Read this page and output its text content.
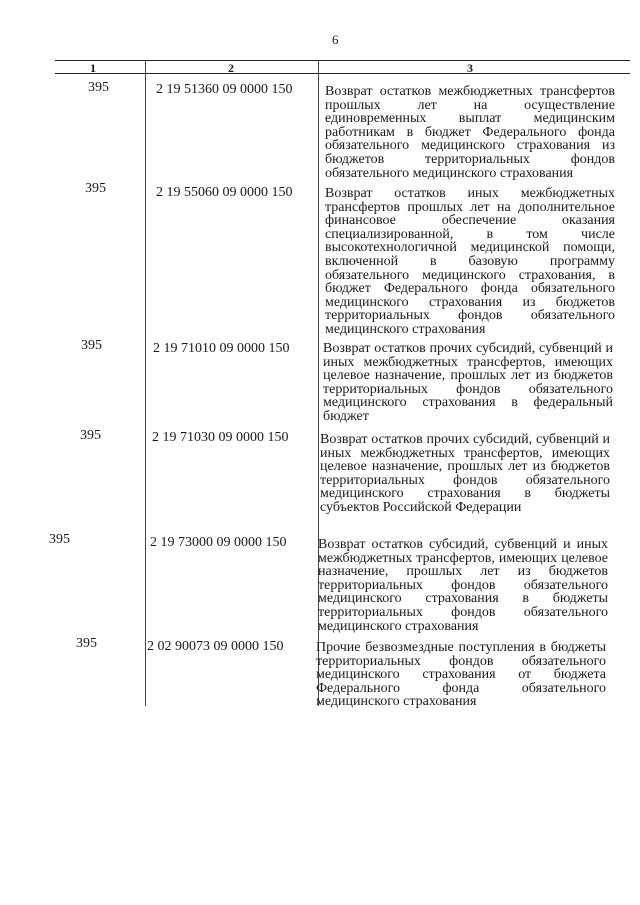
6
1	2	3
395	2 19 51360 09 0000 150 Возврат остатков межбюджетных трансфертов прошлых лет на осуществление единовременных выплат медицинским работникам в бюджет Федерального фонда обязательного медицинского страхования из бюджетов территориальных фондов обязательного медицинского страхования
395	2 19 55060 09 0000 150 Возврат остатков иных межбюджетных трансфертов прошлых лет на дополнительное финансовое обеспечение оказания специализированной, в том числе высокотехнологичной медицинской помощи, включенной в базовую программу обязательного медицинского страхования, в бюджет Федерального фонда обязательного медицинского страхования из бюджетов территориальных фондов обязательного медицинского страхования
395	2 19 71010 09 0000 150 Возврат остатков прочих субсидий, субвенций и иных межбюджетных трансфертов, имеющих целевое назначение, прошлых лет из бюджетов территориальных фондов обязательного медицинского страхования в федеральный бюджет
395	2 19 71030 09 0000 150 Возврат остатков прочих субсидий, субвенций и иных межбюджетных трансфертов, имеющих целевое назначение, прошлых лет из бюджетов территориальных фондов обязательного медицинского страхования в бюджеты субъектов Российской Федерации
395	2 19 73000 09 0000 150 Возврат остатков субсидий, субвенций и иных межбюджетных трансфертов, имеющих целевое назначение, прошлых лет из бюджетов территориальных фондов обязательного медицинского страхования в бюджеты территориальных фондов обязательного медицинского страхования
395	2 02 90073 09 0000 150 Прочие безвозмездные поступления в бюджеты территориальных фондов обязательного медицинского страхования от бюджета Федерального фонда обязательного медицинского страхования
